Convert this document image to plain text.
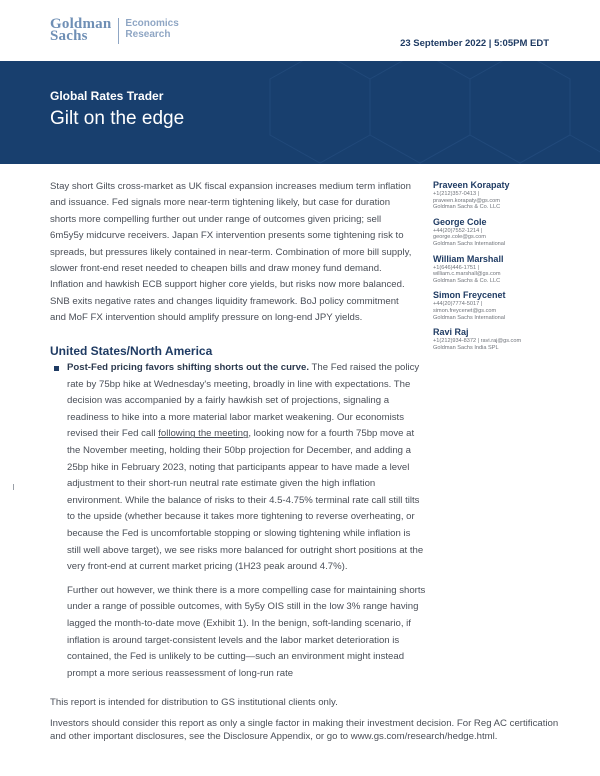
Goldman
Sachs
Economics
Research
23 September 2022 | 5:05PM EDT
Global Rates Trader
Gilt on the edge
Stay short Gilts cross-market as UK fiscal expansion increases medium term inflation and issuance. Fed signals more near-term tightening likely, but case for duration shorts more compelling further out under range of outcomes given pricing; sell 6m5y5y midcurve receivers. Japan FX intervention presents some tightening risk to spreads, but pressures likely contained in near-term. Combination of more bill supply, slower front-end reset needed to cheapen bills and draw money fund demand. Inflation and hawkish ECB support higher core yields, but risks now more balanced. SNB exits negative rates and changes liquidity framework. BoJ policy commitment and MoF FX intervention should amplify pressure on long-end JPY yields.
Praveen Korapaty
+1(212)357-0413 |
praveen.korapaty@gs.com
Goldman Sachs & Co. LLC
George Cole
+44(20)7552-1214 |
george.cole@gs.com
Goldman Sachs International
William Marshall
+1(646)446-1751 |
william.c.marshall@gs.com
Goldman Sachs & Co. LLC
Simon Freycenet
+44(20)7774-5017 |
simon.freycenet@gs.com
Goldman Sachs International
Ravi Raj
+1(212)934-8372 | ravi.raj@gs.com
Goldman Sachs India SPL
United States/North America
Post-Fed pricing favors shifting shorts out the curve. The Fed raised the policy rate by 75bp hike at Wednesday's meeting, broadly in line with expectations. The decision was accompanied by a fairly hawkish set of projections, signaling a readiness to hike into a more material labor market weakening. Our economists revised their Fed call following the meeting, looking now for a fourth 75bp move at the November meeting, holding their 50bp projection for December, and adding a 25bp hike in February 2023, noting that participants appear to have made a level adjustment to their short-run neutral rate estimate given the high inflation environment. While the balance of risks to their 4.5-4.75% terminal rate call still tilts to the upside (whether because it takes more tightening to reverse overheating, or because the Fed is uncomfortable stopping or slowing tightening while inflation is still well above target), we see risks more balanced for outright short positions at the very front-end at current market pricing (1H23 peak around 4.7%).
Further out however, we think there is a more compelling case for maintaining shorts under a range of possible outcomes, with 5y5y OIS still in the low 3% range having lagged the month-to-date move (Exhibit 1). In the benign, soft-landing scenario, if inflation is around target-consistent levels and the labor market deterioration is contained, the Fed is unlikely to be cutting—such an environment might instead prompt a more serious reassessment of long-run rate
This report is intended for distribution to GS institutional clients only.
Investors should consider this report as only a single factor in making their investment decision. For Reg AC certification and other important disclosures, see the Disclosure Appendix, or go to www.gs.com/research/hedge.html.
